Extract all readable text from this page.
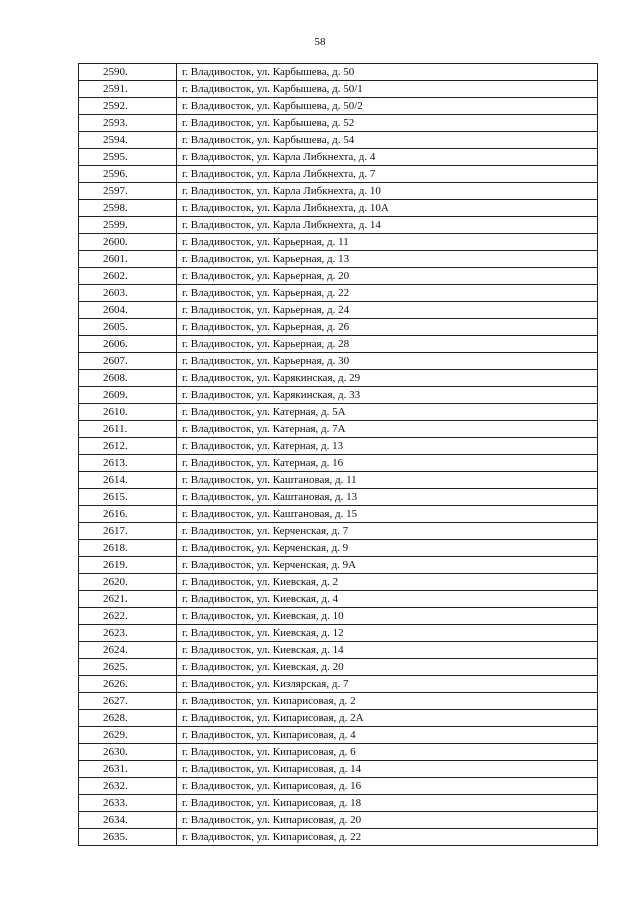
58
2590.	г. Владивосток, ул. Карбышева, д. 50
2591.	г. Владивосток, ул. Карбышева, д. 50/1
2592.	г. Владивосток, ул. Карбышева, д. 50/2
2593.	г. Владивосток, ул. Карбышева, д. 52
2594.	г. Владивосток, ул. Карбышева, д. 54
2595.	г. Владивосток, ул. Карла Либкнехта, д. 4
2596.	г. Владивосток, ул. Карла Либкнехта, д. 7
2597.	г. Владивосток, ул. Карла Либкнехта, д. 10
2598.	г. Владивосток, ул. Карла Либкнехта, д. 10А
2599.	г. Владивосток, ул. Карла Либкнехта, д. 14
2600.	г. Владивосток, ул. Карьерная, д. 11
2601.	г. Владивосток, ул. Карьерная, д. 13
2602.	г. Владивосток, ул. Карьерная, д. 20
2603.	г. Владивосток, ул. Карьерная, д. 22
2604.	г. Владивосток, ул. Карьерная, д. 24
2605.	г. Владивосток, ул. Карьерная, д. 26
2606.	г. Владивосток, ул. Карьерная, д. 28
2607.	г. Владивосток, ул. Карьерная, д. 30
2608.	г. Владивосток, ул. Карякинская, д. 29
2609.	г. Владивосток, ул. Карякинская, д. 33
2610.	г. Владивосток, ул. Катерная, д. 5А
2611.	г. Владивосток, ул. Катерная, д. 7А
2612.	г. Владивосток, ул. Катерная, д. 13
2613.	г. Владивосток, ул. Катерная, д. 16
2614.	г. Владивосток, ул. Каштановая, д. 11
2615.	г. Владивосток, ул. Каштановая, д. 13
2616.	г. Владивосток, ул. Каштановая, д. 15
2617.	г. Владивосток, ул. Керченская, д. 7
2618.	г. Владивосток, ул. Керченская, д. 9
2619.	г. Владивосток, ул. Керченская, д. 9А
2620.	г. Владивосток, ул. Киевская, д. 2
2621.	г. Владивосток, ул. Киевская, д. 4
2622.	г. Владивосток, ул. Киевская, д. 10
2623.	г. Владивосток, ул. Киевская, д. 12
2624.	г. Владивосток, ул. Киевская, д. 14
2625.	г. Владивосток, ул. Киевская, д. 20
2626.	г. Владивосток, ул. Кизлярская, д. 7
2627.	г. Владивосток, ул. Кипарисовая, д. 2
2628.	г. Владивосток, ул. Кипарисовая, д. 2А
2629.	г. Владивосток, ул. Кипарисовая, д. 4
2630.	г. Владивосток, ул. Кипарисовая, д. 6
2631.	г. Владивосток, ул. Кипарисовая, д. 14
2632.	г. Владивосток, ул. Кипарисовая, д. 16
2633.	г. Владивосток, ул. Кипарисовая, д. 18
2634.	г. Владивосток, ул. Кипарисовая, д. 20
2635.	г. Владивосток, ул. Кипарисовая, д. 22
